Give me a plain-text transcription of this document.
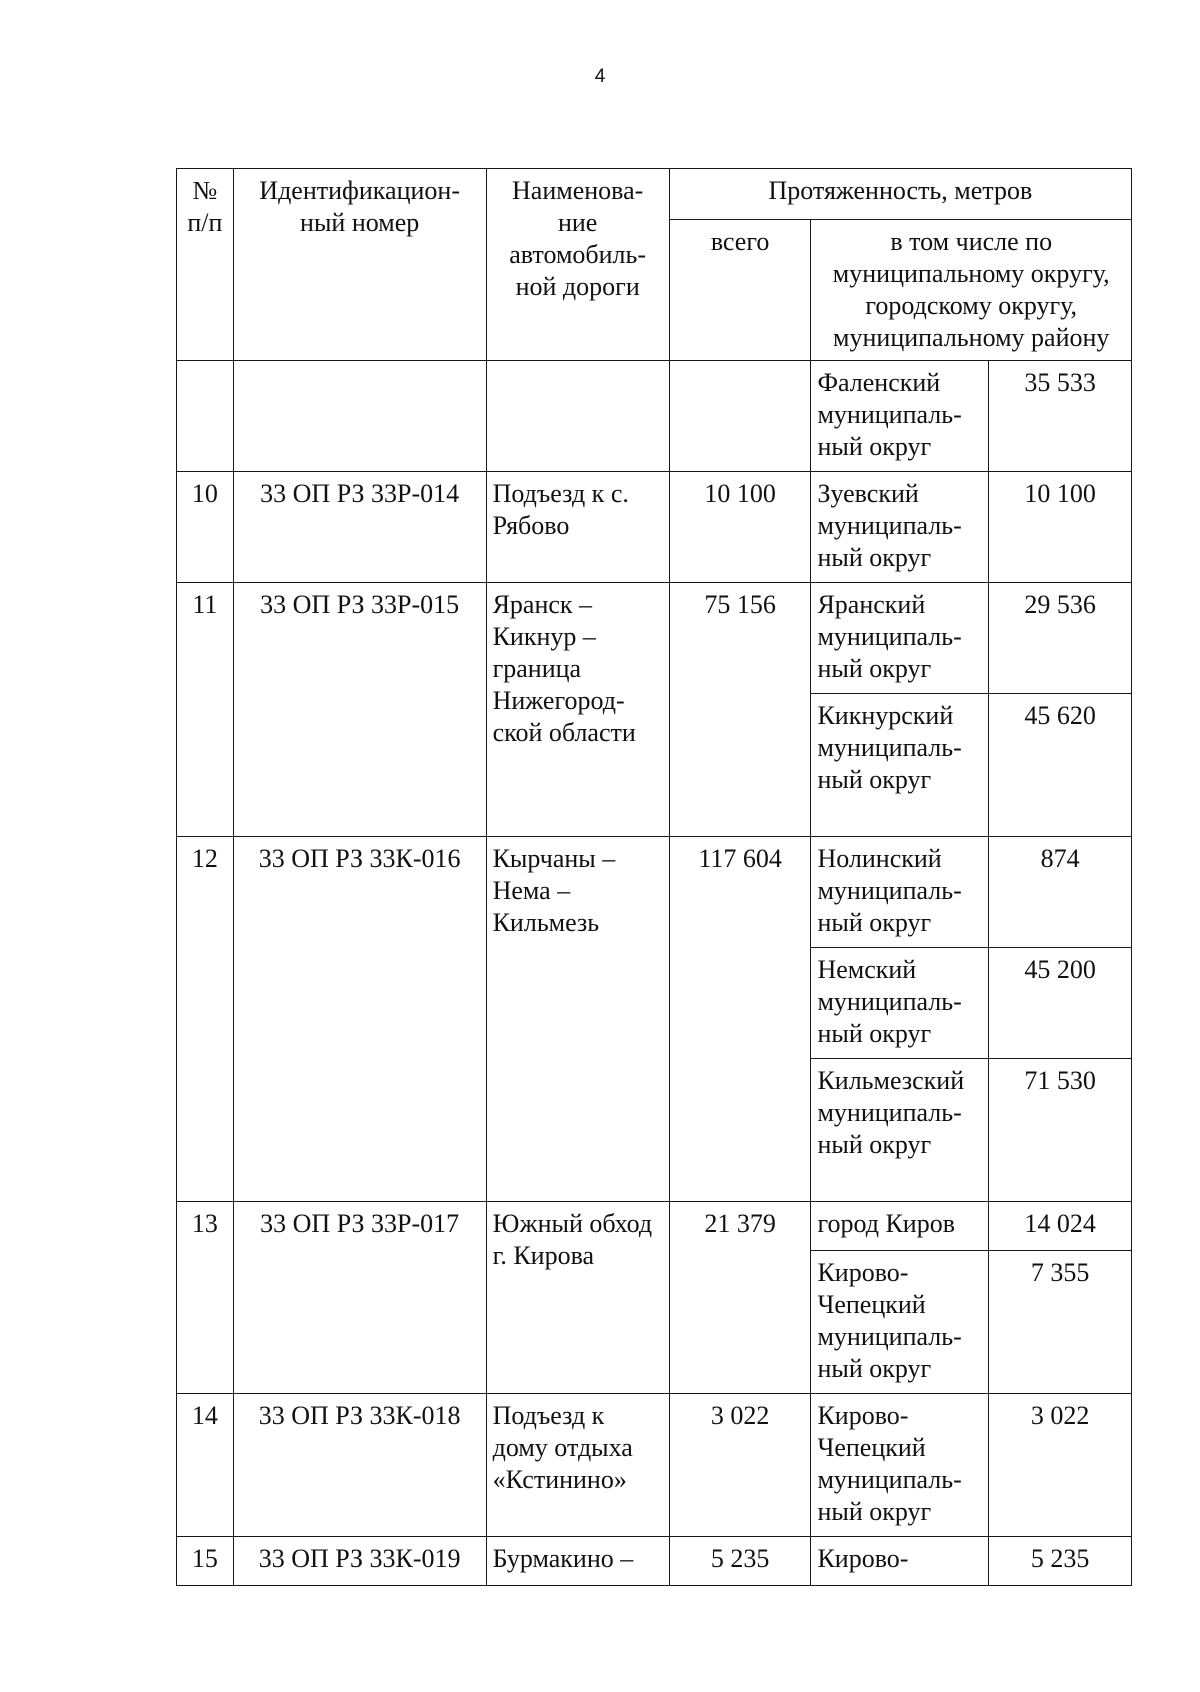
4
№ п/п	Идентификацион-ный номер	Наименова-ние автомобиль-ной дороги	Протяженность, метров		
			всего	в том числе по муниципальному округу, городскому округу, муниципальному району	
				Фаленский муниципаль-ный округ	35 533
10	33 ОП РЗ 33Р-014	Подъезд к с. Рябово	10 100	Зуевский муниципаль-ный округ	10 100
11	33 ОП РЗ 33Р-015	Яранск – Кикнур – граница Нижегород-ской области	75 156	Яранский муниципаль-ный округ	29 536
				Кикнурский муниципаль-ный округ	45 620
12	33 ОП РЗ 33К-016	Кырчаны – Нема – Кильмезь	117 604	Нолинский муниципаль-ный округ	874
				Немский муниципаль-ный округ	45 200
				Кильмезский муниципаль-ный округ	71 530
13	33 ОП РЗ 33Р-017	Южный обход г. Кирова	21 379	город Киров	14 024
				Кирово-Чепецкий муниципаль-ный округ	7 355
14	33 ОП РЗ 33К-018	Подъезд к дому отдыха «Кстинино»	3 022	Кирово-Чепецкий муниципаль-ный округ	3 022
15	33 ОП РЗ 33К-019	Бурмакино –	5 235	Кирово-	5 235
